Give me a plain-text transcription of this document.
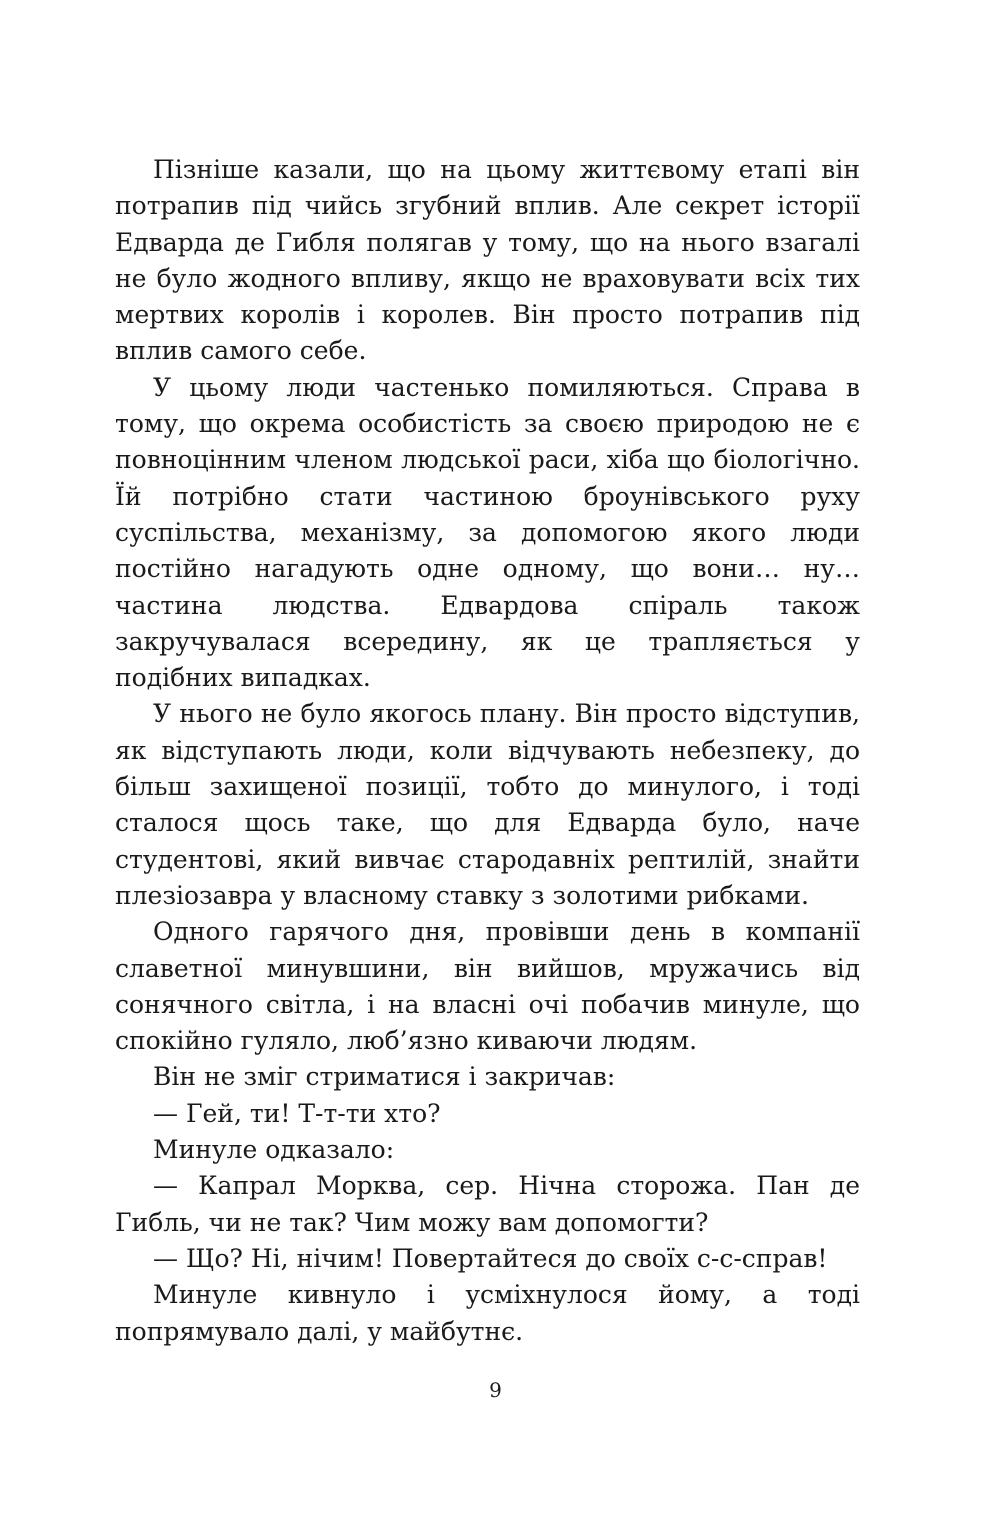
Пізніше казали, що на цьому життєвому етапі він потрапив під чийсь згубний вплив. Але секрет історії Едварда де Гибля полягав у тому, що на нього взагалі не було жодного впливу, якщо не враховувати всіх тих мертвих королів і королев. Він просто потрапив під вплив самого себе.

У цьому люди частенько помиляються. Справа в тому, що окрема особистість за своєю природою не є повноцінним членом людської раси, хіба що біологічно. Їй потрібно стати частиною броунівського руху суспільства, механізму, за допомогою якого люди постійно нагадують одне одному, що вони… ну… частина людства. Едвардова спіраль також закручувалася всередину, як це трапляється у подібних випадках.

У нього не було якогось плану. Він просто відступив, як відступають люди, коли відчувають небезпеку, до більш захищеної позиції, тобто до минулого, і тоді сталося щось таке, що для Едварда було, наче студентові, який вивчає стародавніх рептилій, знайти плезіозавра у власному ставку з золотими рибками.

Одного гарячого дня, провівши день в компанії славетної минувшини, він вийшов, мружачись від сонячного світла, і на власні очі побачив минуле, що спокійно гуляло, люб’язно киваючи людям.

Він не зміг стриматися і закричав:

— Гей, ти! Т-т-ти хто?

Минуле одказало:

— Капрал Морква, сер. Нічна сторожа. Пан де Гибль, чи не так? Чим можу вам допомогти?

— Що? Ні, нічим! Повертайтеся до своїх с-с-справ!

Минуле кивнуло і усміхнулося йому, а тоді попрямувало далі, у майбутнє.

9
